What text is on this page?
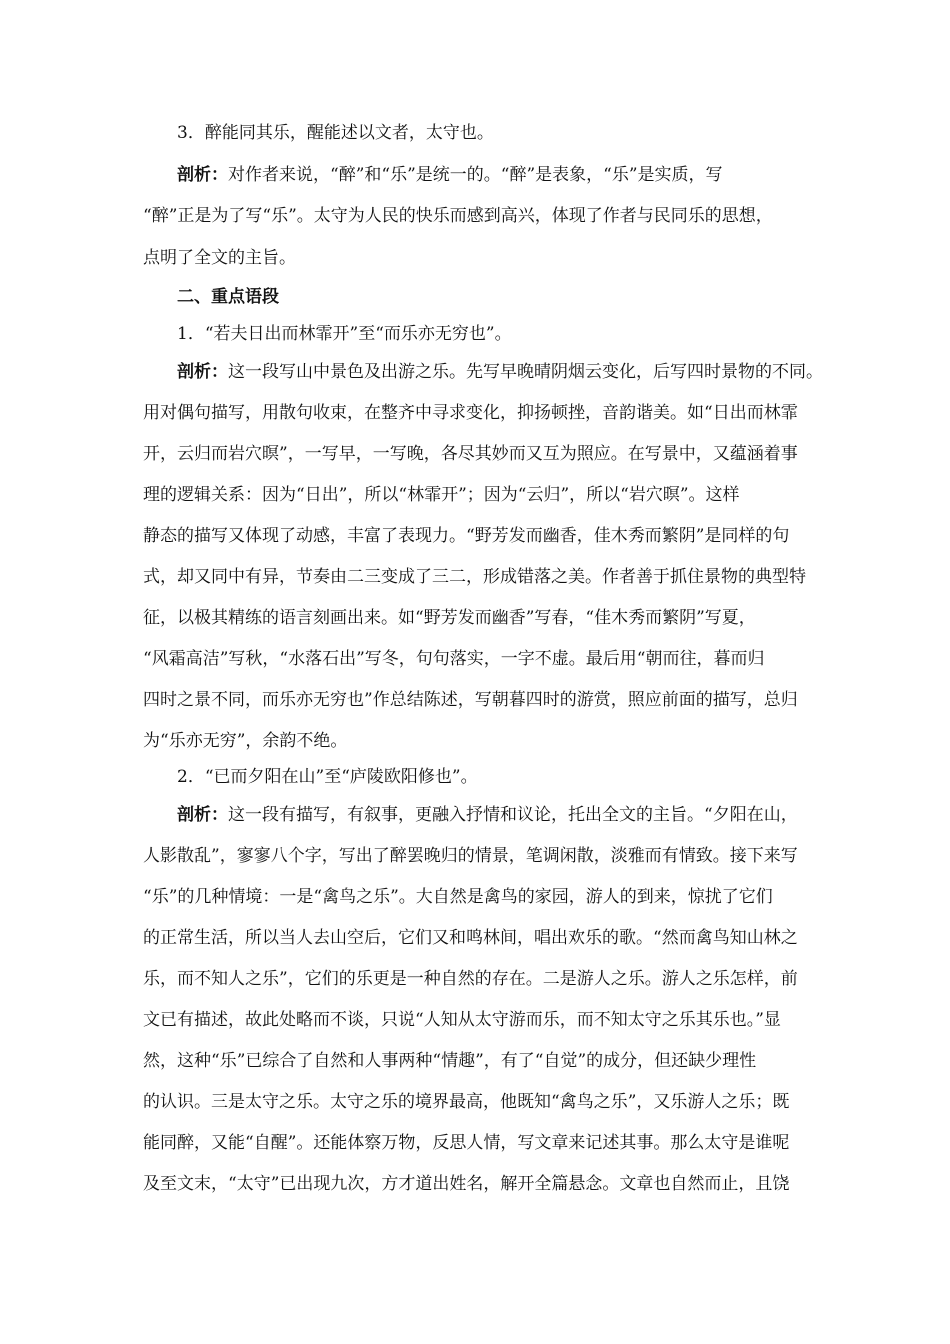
3．醉能同其乐，醒能述以文者，太守也。
剖析：对作者来说，“醉”和“乐”是统一的。“醉”是表象，“乐”是实质，写
“醉”正是为了写“乐”。太守为人民的快乐而感到高兴，体现了作者与民同乐的思想，
点明了全文的主旨。
二、重点语段
1．“若夫日出而林霏开”至“而乐亦无穷也”。
剖析：这一段写山中景色及出游之乐。先写早晚晴阴烟云变化，后写四时景物的不同。
用对偶句描写，用散句收束，在整齐中寻求变化，抑扬顿挫，音韵谐美。如“日出而林霏
开，云归而岩穴暝”，一写早，一写晚，各尽其妙而又互为照应。在写景中，又蕴涵着事
理的逻辑关系：因为“日出”，所以“林霏开”；因为“云归”，所以“岩穴暝”。这样
静态的描写又体现了动感，丰富了表现力。“野芳发而幽香，佳木秀而繁阴”是同样的句
式，却又同中有异，节奏由二三变成了三二，形成错落之美。作者善于抓住景物的典型特
征，以极其精练的语言刻画出来。如“野芳发而幽香”写春，“佳木秀而繁阴”写夏，
“风霜高洁”写秋，“水落石出”写冬，句句落实，一字不虚。最后用“朝而往，暮而归
四时之景不同，而乐亦无穷也”作总结陈述，写朝暮四时的游赏，照应前面的描写，总归
为“乐亦无穷”，余韵不绝。
2．“已而夕阳在山”至“庐陵欧阳修也”。
剖析：这一段有描写，有叙事，更融入抒情和议论，托出全文的主旨。“夕阳在山，
人影散乱”，寥寥八个字，写出了醉罢晚归的情景，笔调闲散，淡雅而有情致。接下来写
“乐”的几种情境：一是“禽鸟之乐”。大自然是禽鸟的家园，游人的到来，惊扰了它们
的正常生活，所以当人去山空后，它们又和鸣林间，唱出欢乐的歌。“然而禽鸟知山林之
乐，而不知人之乐”，它们的乐更是一种自然的存在。二是游人之乐。游人之乐怎样，前
文已有描述，故此处略而不谈，只说“人知从太守游而乐，而不知太守之乐其乐也。”显
然，这种“乐”已综合了自然和人事两种“情趣”，有了“自觉”的成分，但还缺少理性
的认识。三是太守之乐。太守之乐的境界最高，他既知“禽鸟之乐”，又乐游人之乐；既
能同醉，又能“自醒”。还能体察万物，反思人情，写文章来记述其事。那么太守是谁呢
及至文末，“太守”已出现九次，方才道出姓名，解开全篇悬念。文章也自然而止，且饶
